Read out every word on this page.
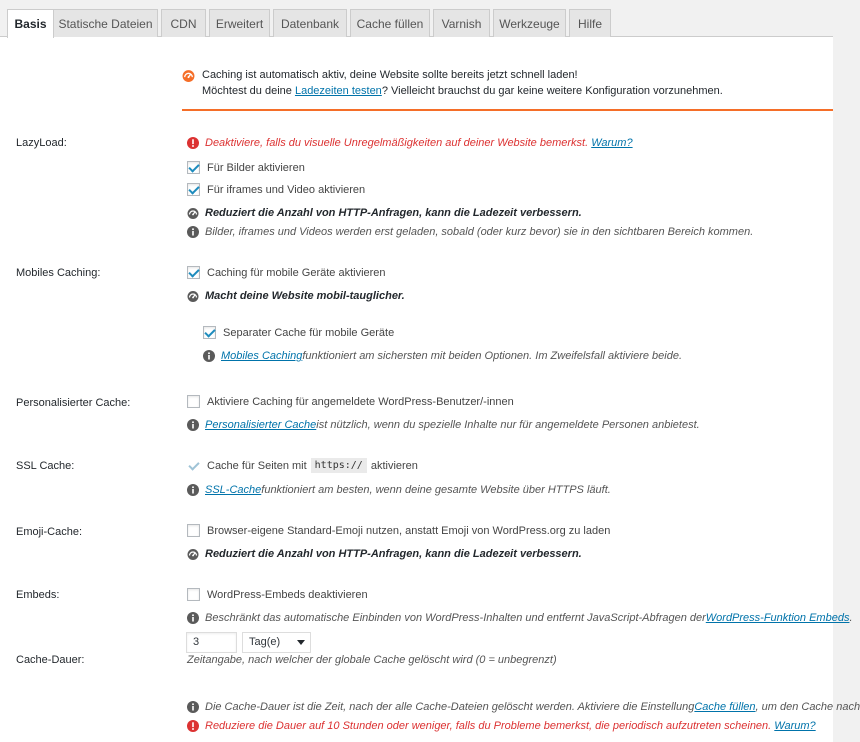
Basis Statische Dateien	CDN	Erweitert	Datenbank	Cache füllen	Varnish	Werkzeuge	Hilfe
Caching ist automatisch aktiv, deine Website sollte bereits jetzt schnell laden!
Möchtest du deine Ladezeiten testen? Vielleicht brauchst du gar keine weitere Konfiguration vorzunehmen.
LazyLoad:	Deaktiviere, falls du visuelle Unregelmäßigkeiten auf deiner Website bemerkst.
Warum?
Für Bilder aktivieren
Für iframes und Video aktivieren
Reduziert die Anzahl von HTTP-Anfragen, kann die Ladezeit verbessern.
Bilder, iframes und Videos werden erst geladen, sobald (oder kurz bevor) sie in den sichtbaren Bereich kommen.
Mobiles Caching:	Caching für mobile Geräte aktivieren
Macht deine Website mobil-tauglicher.
Separater Cache für mobile Geräte
Mobiles Caching funktioniert am sichersten mit beiden Optionen. Im Zweifelsfall aktiviere beide.
Personalisierter Cache:	Aktiviere Caching für angemeldete WordPress-Benutzer/-innen
Personalisierter Cache ist nützlich, wenn du spezielle Inhalte nur für angemeldete Personen anbietest.
SSL Cache:	Cache für Seiten mit https:// aktivieren
SSL-Cache funktioniert am besten, wenn deine gesamte Website über HTTPS läuft.
Emoji-Cache:	Browser-eigene Standard-Emoji nutzen, anstatt Emoji von WordPress.org zu laden
Reduziert die Anzahl von HTTP-Anfragen, kann die Ladezeit verbessern.
Embeds:	WordPress-Embeds deaktivieren
Beschränkt das automatische Einbinden von WordPress-Inhalten und entfernt JavaScript-Abfragen der WordPress-Funktion Embeds .
Cache-Dauer:	Zeitangabe, nach welcher der globale Cache gelöscht wird (0 = unbegrenzt)
3	Tag(e)
Die Cache-Dauer ist die Zeit, nach der alle Cache-Dateien gelöscht werden. Aktiviere die Einstellung Cache füllen , um den Cache nach
Reduziere die Dauer auf 10 Stunden oder weniger, falls du Probleme bemerkst, die periodisch aufzutreten scheinen.
Warum?
